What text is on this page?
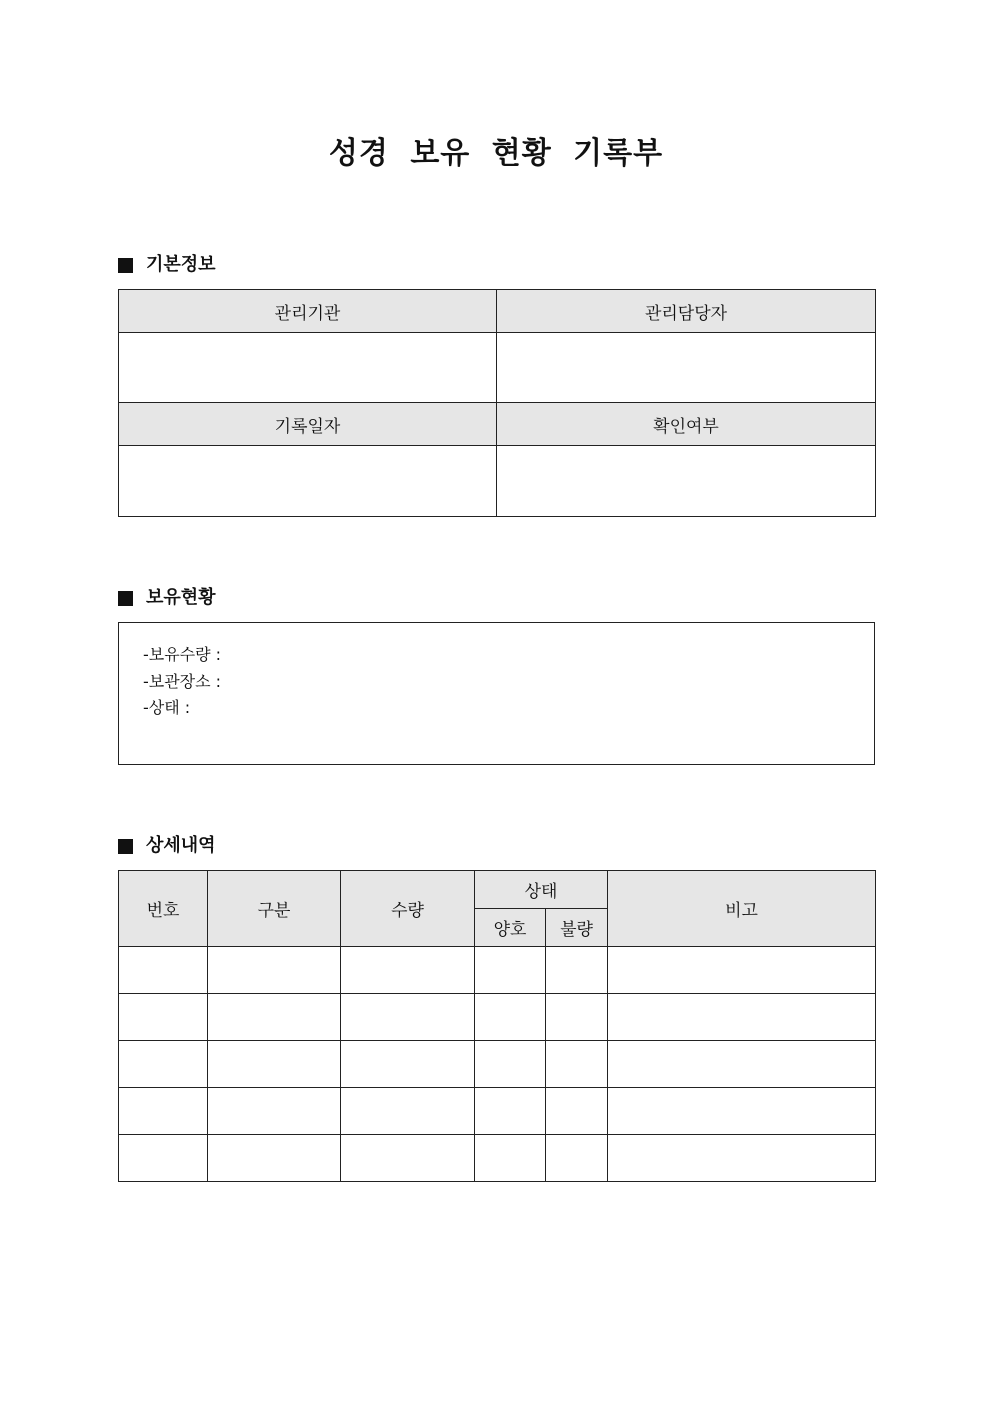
성경 보유 현황 기록부
기본정보
관리기관	관리담당자

기록일자	확인여부

보유현황
-보유수량 :
-보관장소 :
-상태 :
상세내역
번호	구분	수량	상태		비고
			양호	불량	
